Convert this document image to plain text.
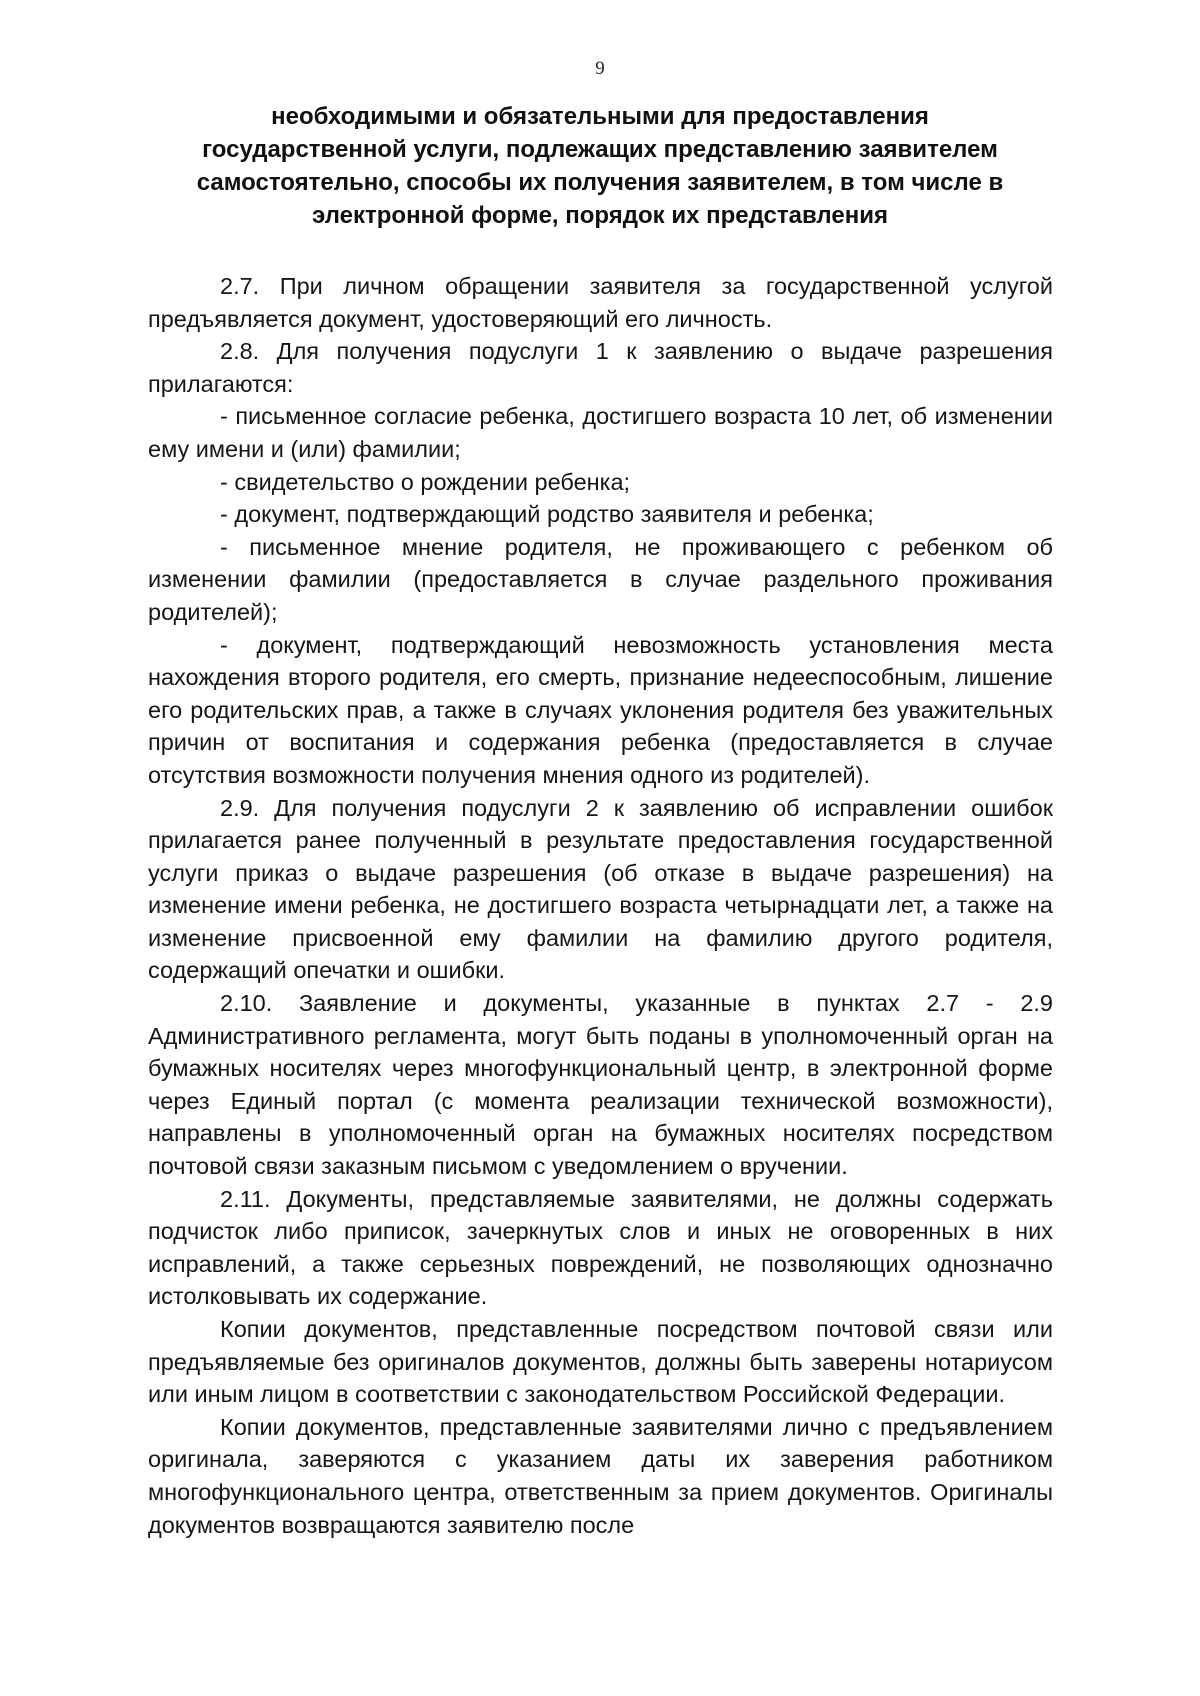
9
необходимыми и обязательными для предоставления
государственной услуги, подлежащих представлению заявителем
самостоятельно, способы их получения заявителем, в том числе в
электронной форме, порядок их представления

2.7. При личном обращении заявителя за государственной услугой предъявляется документ, удостоверяющий его личность.

2.8. Для получения подуслуги 1 к заявлению о выдаче разрешения прилагаются:

- письменное согласие ребенка, достигшего возраста 10 лет, об изменении ему имени и (или) фамилии;

- свидетельство о рождении ребенка;

- документ, подтверждающий родство заявителя и ребенка;

- письменное мнение родителя, не проживающего с ребенком об изменении фамилии (предоставляется в случае раздельного проживания родителей);

- документ, подтверждающий невозможность установления места нахождения второго родителя, его смерть, признание недееспособным, лишение его родительских прав, а также в случаях уклонения родителя без уважительных причин от воспитания и содержания ребенка (предоставляется в случае отсутствия возможности получения мнения одного из родителей).

2.9. Для получения подуслуги 2 к заявлению об исправлении ошибок прилагается ранее полученный в результате предоставления государственной услуги приказ о выдаче разрешения (об отказе в выдаче разрешения) на изменение имени ребенка, не достигшего возраста четырнадцати лет, а также на изменение присвоенной ему фамилии на фамилию другого родителя, содержащий опечатки и ошибки.

2.10. Заявление и документы, указанные в пунктах 2.7 - 2.9 Административного регламента, могут быть поданы в уполномоченный орган на бумажных носителях через многофункциональный центр, в электронной форме через Единый портал (с момента реализации технической возможности), направлены в уполномоченный орган на бумажных носителях посредством почтовой связи заказным письмом с уведомлением о вручении.

2.11. Документы, представляемые заявителями, не должны содержать подчисток либо приписок, зачеркнутых слов и иных не оговоренных в них исправлений, а также серьезных повреждений, не позволяющих однозначно истолковывать их содержание.

Копии документов, представленные посредством почтовой связи или предъявляемые без оригиналов документов, должны быть заверены нотариусом или иным лицом в соответствии с законодательством Российской Федерации.

Копии документов, представленные заявителями лично с предъявлением оригинала, заверяются с указанием даты их заверения работником многофункционального центра, ответственным за прием документов. Оригиналы документов возвращаются заявителю после
